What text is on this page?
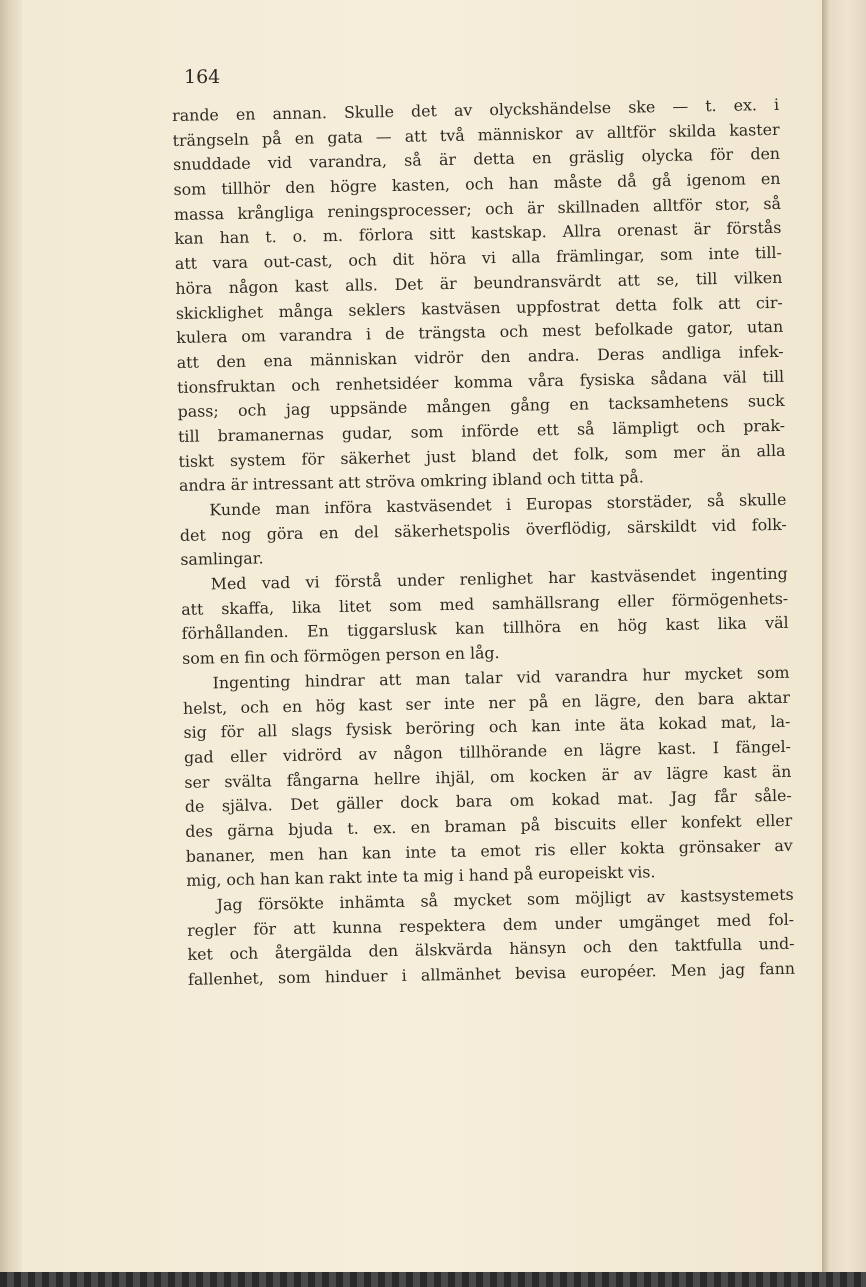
164
rande en annan. Skulle det av olyckshändelse ske — t. ex. i
trängseln på en gata — att två människor av alltför skilda kaster
snuddade vid varandra, så är detta en gräslig olycka för den
som tillhör den högre kasten, och han måste då gå igenom en
massa krångliga reningsprocesser; och är skillnaden alltför stor, så
kan han t. o. m. förlora sitt kastskap. Allra orenast är förstås
att vara out-cast, och dit höra vi alla främlingar, som inte till-
höra någon kast alls. Det är beundransvärdt att se, till vilken
skicklighet många seklers kastväsen uppfostrat detta folk att cir-
kulera om varandra i de trängsta och mest befolkade gator, utan
att den ena människan vidrör den andra. Deras andliga infek-
tionsfruktan och renhetsidéer komma våra fysiska sådana väl till
pass; och jag uppsände mången gång en tacksamhetens suck
till bramanernas gudar, som införde ett så lämpligt och prak-
tiskt system för säkerhet just bland det folk, som mer än alla
andra är intressant att ströva omkring ibland och titta på.
Kunde man införa kastväsendet i Europas storstäder, så skulle
det nog göra en del säkerhetspolis överflödig, särskildt vid folk-
samlingar.
Med vad vi förstå under renlighet har kastväsendet ingenting
att skaffa, lika litet som med samhällsrang eller förmögenhets-
förhållanden. En tiggarslusk kan tillhöra en hög kast lika väl
som en fin och förmögen person en låg.
Ingenting hindrar att man talar vid varandra hur mycket som
helst, och en hög kast ser inte ner på en lägre, den bara aktar
sig för all slags fysisk beröring och kan inte äta kokad mat, la-
gad eller vidrörd av någon tillhörande en lägre kast. I fängel-
ser svälta fångarna hellre ihjäl, om kocken är av lägre kast än
de själva. Det gäller dock bara om kokad mat. Jag får såle-
des gärna bjuda t. ex. en braman på biscuits eller konfekt eller
bananer, men han kan inte ta emot ris eller kokta grönsaker av
mig, och han kan rakt inte ta mig i hand på europeiskt vis.
Jag försökte inhämta så mycket som möjligt av kastsystemets
regler för att kunna respektera dem under umgänget med fol-
ket och återgälda den älskvärda hänsyn och den taktfulla und-
fallenhet, som hinduer i allmänhet bevisa européer. Men jag fann
